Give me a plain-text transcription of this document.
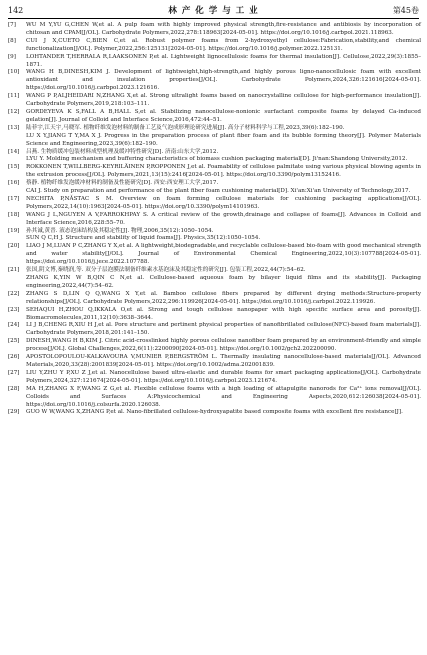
142	林 产 化 学 与 工 业	第45卷

[7] WU M Y,YU G,CHEN W,et al. A pulp foam with highly improved physical strength,fire-resistance and antibiosis by incorporation of chitosan and CPAM[J/OL]. Carbohydrate Polymers,2022,278:118963[2024-05-01]. https://doi.org/10.1016/j.carbpol.2021.118963.

[8] CUI J X,CUETO C,BIEN C,et al. Robust polymer foams from 2-hydroxyethyl cellulose:Fabrication,stability,and chemical functionalization[J/OL]. Polymer,2022,256:125131[2024-05-01]. https://doi.org/10.1016/j.polymer.2022.125131.

[9] LOHTANDER T,HERRALA R,LAAKSONEN P,et al. Lightweight lignocellulosic foams for thermal insulation[J]. Cellulose,2022,29(3):1855–1871.

[10] WANG H B,DINESH,KIM J. Development of lightweight,high-strength,and highly porous ligno-nanocellulosic foam with excellent antioxidant and insulation properties[J/OL]. Carbohydrate Polymers,2024,326:121616[2024-05-01]. https://doi.org/10.1016/j.carbpol.2023.121616.

[11] WANG P P,ALJHEIDARI N,ZHANG X,et al. Strong ultralight foams based on nanocrystalline cellulose for high-performance insulation[J]. Carbohydrate Polymers,2019,218:103–111.

[12] GORDEYEVA K S,FALL A B,HALL S,et al. Stabilizing nanocellulose-nonionic surfactant composite foams by delayed Ca-induced gelation[J]. Journal of Colloid and Interface Science,2016,472:44–51.

[13] 陆菲宇,江天宇,马晓军. 植物纤维发泡材料的制备工艺及气泡成形理论研究进展[J]. 高分子材料科学与工程,2023,39(6):182–190.

LU X Y,JIANG T Y,MA X J. Progress in the preparation process of plant fiber foam and its bubble forming theory[J]. Polymer Materials Science and Engineering,2023,39(6):182–190.

[14] 吕燕. 生物质缓冲包装材料成型机理及缓冲特性研究[D]. 济南:山东大学,2012.

LYU Y. Molding mechanism and buffering characteristics of biomass cushion packaging material[D]. Ji'nan:Shandong University,2012.

[15] ROKKONEN T,WILLBERG-KEYRILÄINEN P,ROPPONEN J,et al. Foamability of cellulose palmitate using various physical blowing agents in the extrusion process[J/OL]. Polymers,2021,13(15):2416[2024-05-01]. https://doi.org/10.3390/polym13152416.

[16] 蔡静. 植物纤维发泡缓冲材料的制备及性能研究[D]. 西安:西安理工大学,2017.

CAI J. Study on preparation and performance of the plant fiber foam cushioning material[D]. Xi'an:Xi'an University of Technology,2017.

[17] NECHITA P,NĂSTAC S M. Overview on foam forming cellulose materials for cushioning packaging applications[J/OL]. Polymers,2022,14(10):1963[2024-05-01]. https://doi.org/10.3390/polym14101963.

[18] WANG J L,NGUYEN A V,FARROKHPAY S. A critical review of the growth,drainage and collapse of foams[J]. Advances in Colloid and Interface Science,2016,228:55–70.

[19] 孙其诚,黄晋. 液态泡沫结构及其稳定性[J]. 物理,2006,35(12):1050–1054.

SUN Q C,H J. Structure and stability of liquid foams[J]. Physics,35(12):1050–1054.

[20] LIAO J M,LUAN P C,ZHANG Y X,et al. A lightweight,biodegradable,and recyclable cellulose-based bio-foam with good mechanical strength and water stability[J/OL]. Journal of Environmental Chemical Engineering,2022,10(3):107788[2024-05-01]. https://doi.org/10.1016/j.jece.2022.107788.

[21] 张国,阴文博,秦晓润,等. 双分子层泡膜法制备纤维素水基泡沫及其稳定性的研究[J]. 包装工程,2022,44(7):54–62.

ZHANG K,YIN W B,QIN C N,et al. Cellulose-based aqueous foam by bilayer liquid films and its stability[J]. Packaging engineering,2022,44(7):54–62.

[22] ZHANG S D,LIN Q Q,WANG X Y,et al. Bamboo cellulose fibers prepared by different drying methods:Structure-property relationships[J/OL]. Carbohydrate Polymers,2022,296:119926[2024-05-01]. https://doi.org/10.1016/j.carbpol.2022.119926.

[23] SEHAQUI H,ZHOU Q,IKKALA O,et al. Strong and tough cellulose nanopaper with high specific surface area and porosity[J]. Biomacromolecules,2011,12(10):3638–3644.

[24] LI J B,CHENG R,XIU H J,et al. Pore structure and pertinent physical properties of nanofibrillated cellulose(NFC)-based foam materials[J]. Carbohydrate Polymers,2018,201:141–150.

[25] DINESH,WANG H B,KIM J. Citric acid-crosslinked highly porous cellulose nanofiber foam prepared by an environment-friendly and simple process[J/OL]. Global Challenges,2022,6(11):2200090[2024-05-01]. https://doi.org/10.1002/gch2.202200090.

[26] APOSTOLOPOULOU-KALKAVOURA V,MUNIER P,BERGSTRÖM L. Thermally insulating nanocellulose-based materials[J/OL]. Advanced Materials,2020,33(28):2001839[2024-05-01]. https://doi.org/10.1002/adma.202001839.

[27] LIU Y,ZHU Y P,XU Z J,et al. Nanocellulose based ultra-elastic and durable foams for smart packaging applications[J/OL]. Carbohydrate Polymers,2024,327:121674[2024-05-01]. https://doi.org/10.1016/j.carbpol.2023.121674.

[28] MA H,ZHANG X F,WANG Z G,et al. Flexible cellulose foams with a high loading of attapulgite nanorods for Ca²⁺ ions removal[J/OL]. Colloids and Surfaces A:Physicochemical and Engineering Aspects,2020,612:126038[2024-05-01]. https://doi.org/10.1016/j.colsurfa.2020.126038.

[29] GUO W W,WANG X,ZHANG P,et al. Nano-fibrillated cellulose-hydroxyapatite based composite foams with excellent fire resistance[J].
